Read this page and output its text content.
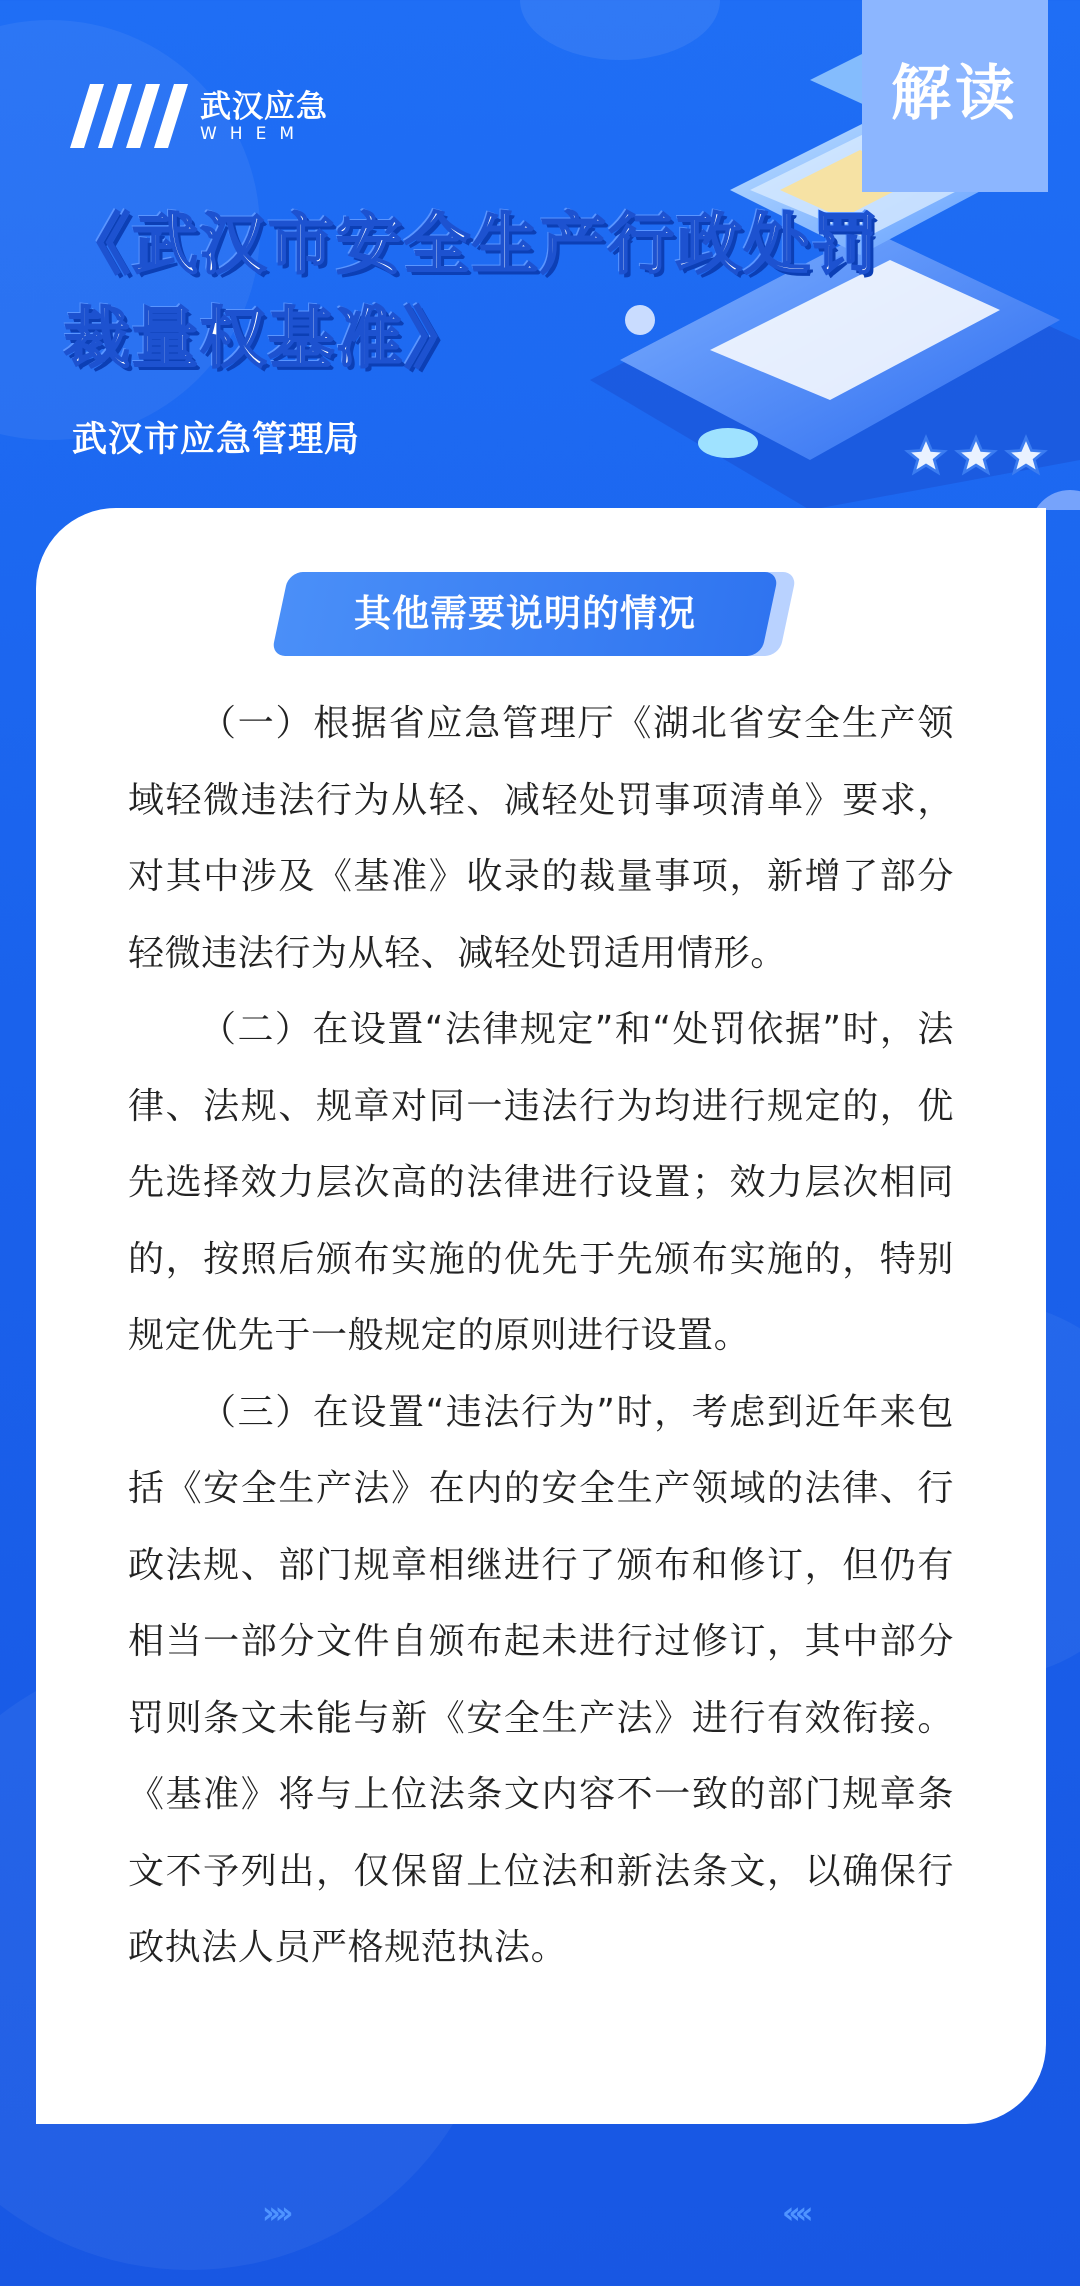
武汉应急
WHEM
解读
《武汉市安全生产行政处罚裁量权基准》
武汉市应急管理局
其他需要说明的情况

（一）根据省应急管理厅《湖北省安全生产领域轻微违法行为从轻、减轻处罚事项清单》要求，对其中涉及《基准》收录的裁量事项，新增了部分轻微违法行为从轻、减轻处罚适用情形。

（二）在设置“法律规定”和“处罚依据”时，法律、法规、规章对同一违法行为均进行规定的，优先选择效力层次高的法律进行设置；效力层次相同的，按照后颁布实施的优先于先颁布实施的，特别规定优先于一般规定的原则进行设置。

（三）在设置“违法行为”时，考虑到近年来包括《安全生产法》在内的安全生产领域的法律、行政法规、部门规章相继进行了颁布和修订，但仍有相当一部分文件自颁布起未进行过修订，其中部分罚则条文未能与新《安全生产法》进行有效衔接。《基准》将与上位法条文内容不一致的部门规章条文不予列出，仅保留上位法和新法条文，以确保行政执法人员严格规范执法。

››››	‹‹‹‹
